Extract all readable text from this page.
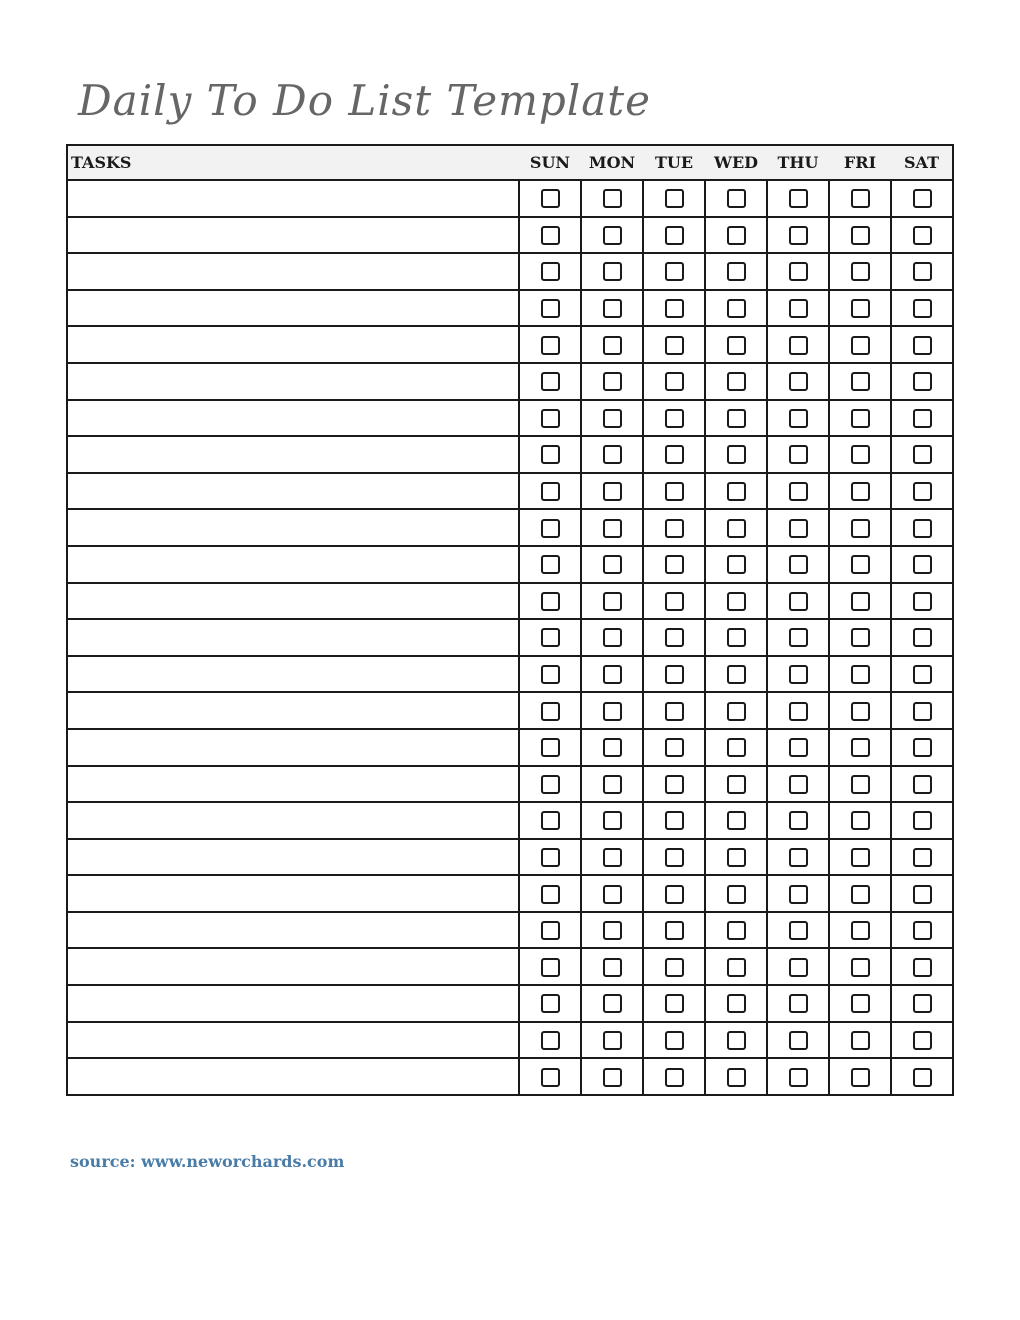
Daily To Do List Template
TASKS	SUN	MON	TUE	WED	THU	FRI	SAT

source: www.neworchards.com
